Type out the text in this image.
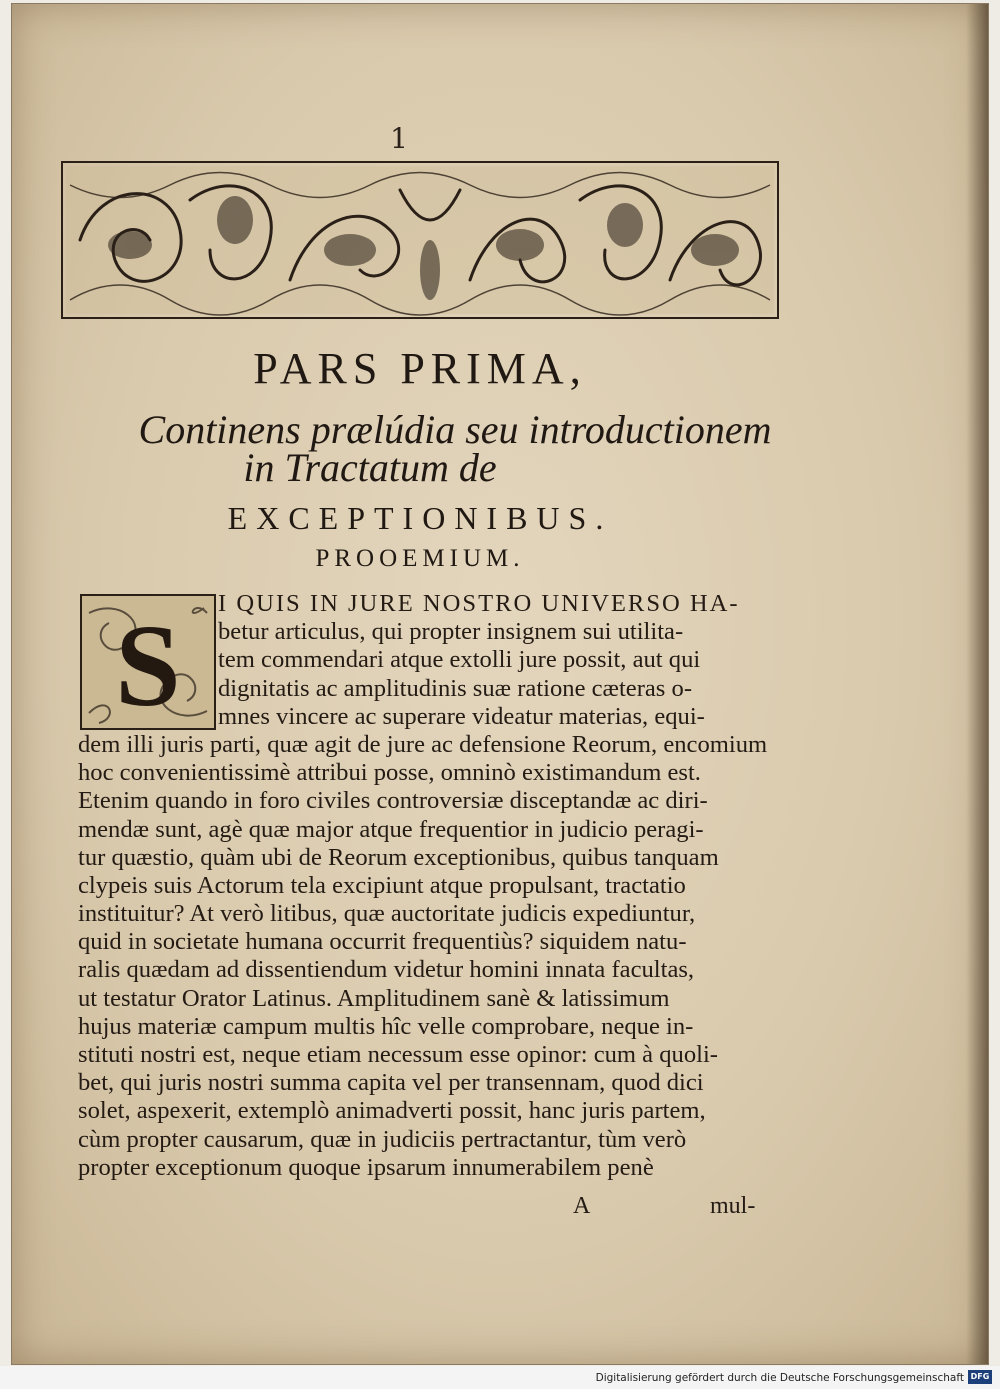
1
PARS PRIMA,
Continens prælúdia seu introductionem
in Tractatum de
EXCEPTIONIBUS.
PROOEMIUM.
S	I QUIS IN JURE NOSTRO UNIVERSO HA-
betur articulus, qui propter insignem sui utilita-
tem commendari atque extolli jure possit, aut qui
dignitatis ac amplitudinis suæ ratione cæteras o-
mnes vincere ac superare videatur materias, equi-
dem illi juris parti, quæ agit de jure ac defensione Reorum, encomium
hoc convenientissimè attribui posse, omninò existimandum est.
Etenim quando in foro civiles controversiæ disceptandæ ac diri-
mendæ sunt, agè quæ major atque frequentior in judicio peragi-
tur quæstio, quàm ubi de Reorum exceptionibus, quibus tanquam
clypeis suis Actorum tela excipiunt atque propulsant, tractatio
instituitur? At verò litibus, quæ auctoritate judicis expediuntur,
quid in societate humana occurrit frequentiùs? siquidem natu-
ralis quædam ad dissentiendum videtur homini innata facultas,
ut testatur Orator Latinus. Amplitudinem sanè & latissimum
hujus materiæ campum multis hîc velle comprobare, neque in-
stituti nostri est, neque etiam necessum esse opinor: cum à quoli-
bet, qui juris nostri summa capita vel per transennam, quod dici
solet, aspexerit, extemplò animadverti possit, hanc juris partem,
cùm propter causarum, quæ in judiciis pertractantur, tùm verò
propter exceptionum quoque ipsarum innumerabilem penè
A	mul-
Digitalisierung gefördert durch die Deutsche Forschungsgemeinschaft DFG
